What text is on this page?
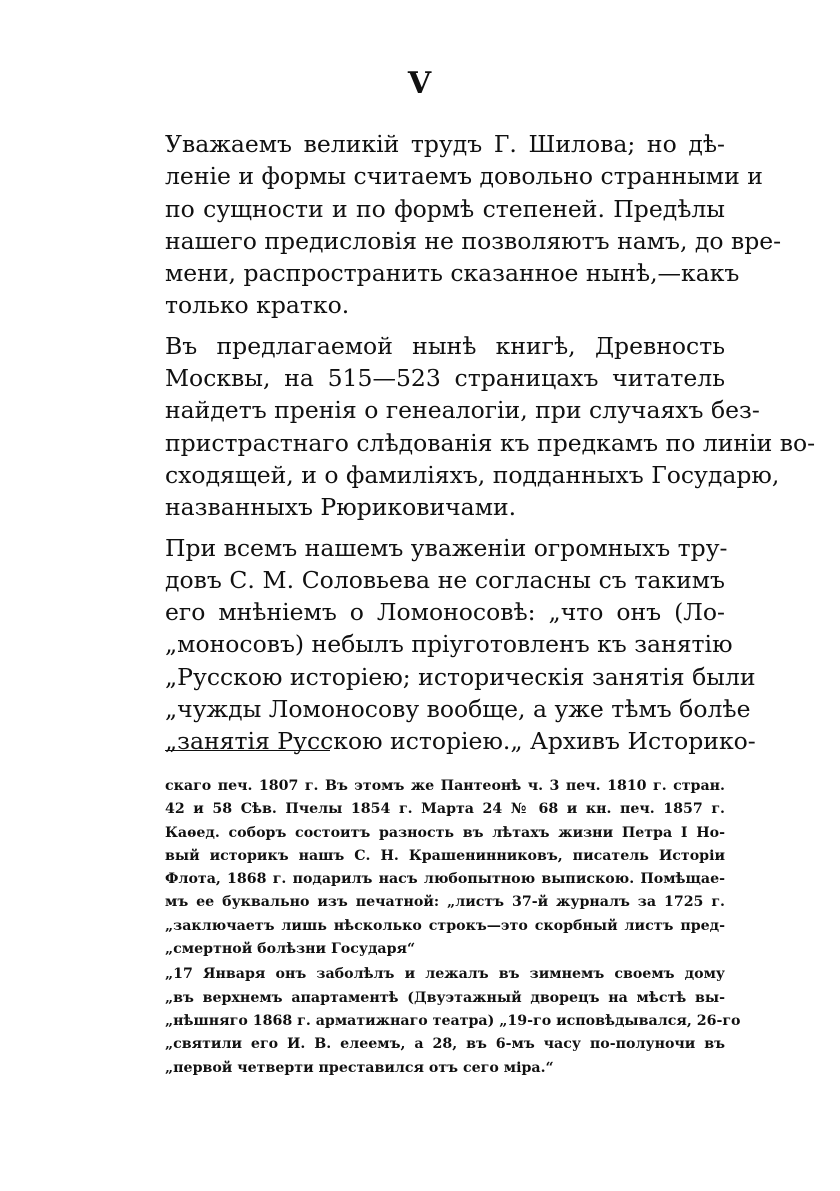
V
Уважаемъ великiй трудъ Г. Шилова; но дѣ-
ленiе и формы считаемъ довольно странными и
по сущности и по формѣ степеней. Предѣлы
нашего предисловiя не позволяютъ намъ, до вре-
мени, распространить сказанное нынѣ,—какъ
только кратко.
Въ предлагаемой нынѣ книгѣ, Древность
Москвы, на 515—523 страницахъ читатель
найдетъ пренiя о генеалогiи, при случаяхъ без-
пристрастнаго слѣдованiя къ предкамъ по линiи во-
сходящей, и о фамилiяхъ, подданныхъ Государю,
названныхъ Рюриковичами.
При всемъ нашемъ уваженiи огромныхъ тру-
довъ С. М. Соловьева не согласны съ такимъ
его мнѣнiемъ о Ломоносовѣ: „что онъ (Ло-
„моносовъ) небылъ прiуготовленъ къ занятiю
„Русскою исторiею; историческiя занятiя были
„чужды Ломоносову вообще, а уже тѣмъ болѣе
„занятiя Русскою исторiею.„ Архивъ Историко-
скаго печ. 1807 г. Въ этомъ же Пантеонѣ ч. 3 печ. 1810 г. стран.
42 и 58 Сѣв. Пчелы 1854 г. Марта 24 № 68 и кн. печ. 1857 г.
Каѳед. соборъ состоитъ разность въ лѣтахъ жизни Петра I Но-
вый историкъ нашъ С. Н. Крашенинниковъ, писатель Исторiи
Флота, 1868 г. подарилъ насъ любопытною выпискою. Помѣщае-
мъ ее буквально изъ печатной: „листъ 37-й журналъ за 1725 г.
„заключаетъ лишь нѣсколько строкъ—это скорбный листъ пред-
„смертной болѣзни Государя“
„17 Января онъ заболѣлъ и лежалъ въ зимнемъ своемъ дому
„въ верхнемъ апартаментѣ (Двуэтажный дворецъ на мѣстѣ вы-
„нѣшняго 1868 г. арматижнаго театра) „19-го исповѣдывался, 26-го
„святили его И. В. елеемъ, а 28, въ 6-мъ часу по-полуночи въ
„первой четверти преставился отъ сего мiра.“
